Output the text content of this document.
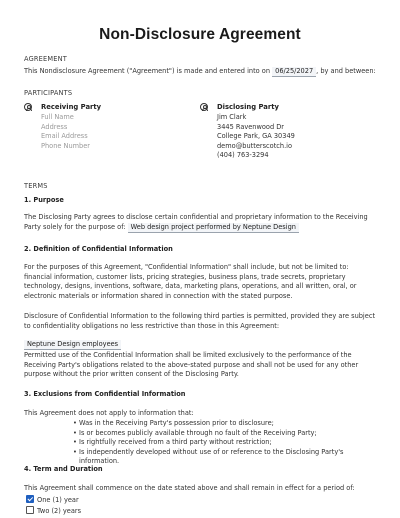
Non-Disclosure Agreement
AGREEMENT
This Nondisclosure Agreement ("Agreement") is made and entered into on 06/25/2027 , by and between:
PARTICIPANTS
Receiving Party
Full Name
Address
Email Address
Phone Number
Disclosing Party
Jim Clark
3445 Ravenwood Dr
College Park, GA 30349
demo@butterscotch.io
(404) 763-3294
TERMS
1. Purpose
The Disclosing Party agrees to disclose certain confidential and proprietary information to the Receiving Party solely for the purpose of: Web design project performed by Neptune Design
2. Definition of Confidential Information
For the purposes of this Agreement, "Confidential Information" shall include, but not be limited to: financial information, customer lists, pricing strategies, business plans, trade secrets, proprietary technology, designs, inventions, software, data, marketing plans, operations, and all written, oral, or electronic materials or information shared in connection with the stated purpose.
Disclosure of Confidential Information to the following third parties is permitted, provided they are subject to confidentiality obligations no less restrictive than those in this Agreement:
Neptune Design employees
Permitted use of the Confidential Information shall be limited exclusively to the performance of the Receiving Party's obligations related to the above-stated purpose and shall not be used for any other purpose without the prior written consent of the Disclosing Party.
3. Exclusions from Confidential Information
This Agreement does not apply to information that:
• Was in the Receiving Party's possession prior to disclosure;
• Is or becomes publicly available through no fault of the Receiving Party;
• Is rightfully received from a third party without restriction;
• Is independently developed without use of or reference to the Disclosing Party's information.
4. Term and Duration
This Agreement shall commence on the date stated above and shall remain in effect for a period of:
One (1) year
Two (2) years
